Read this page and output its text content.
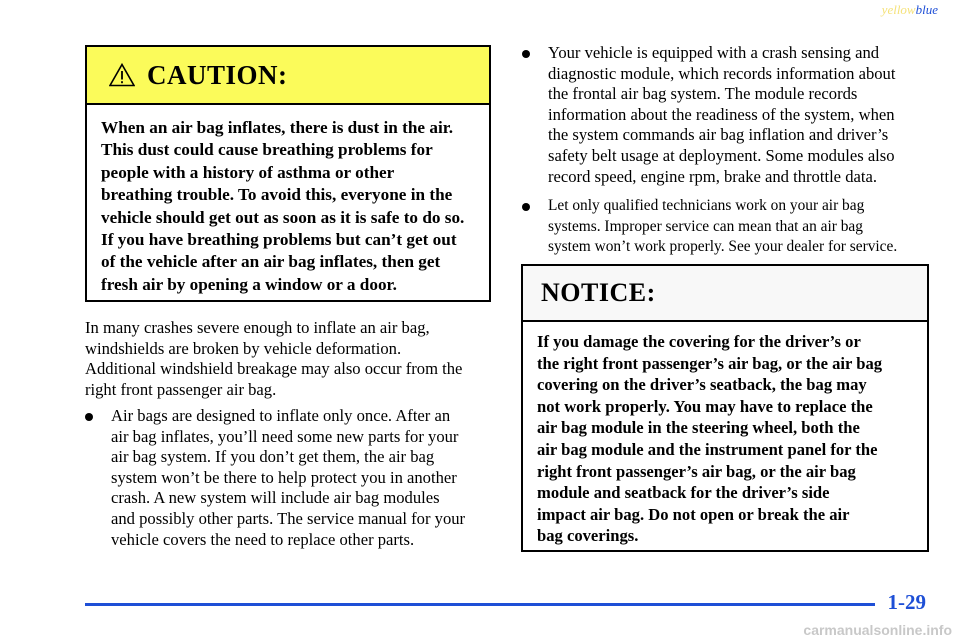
yellowblue
CAUTION:
When an air bag inflates, there is dust in the air.
This dust could cause breathing problems for
people with a history of asthma or other
breathing trouble. To avoid this, everyone in the
vehicle should get out as soon as it is safe to do so.
If you have breathing problems but can’t get out
of the vehicle after an air bag inflates, then get
fresh air by opening a window or a door.
In many crashes severe enough to inflate an air bag,
windshields are broken by vehicle deformation.
Additional windshield breakage may also occur from the
right front passenger air bag.
Air bags are designed to inflate only once. After an
air bag inflates, you’ll need some new parts for your
air bag system. If you don’t get them, the air bag
system won’t be there to help protect you in another
crash. A new system will include air bag modules
and possibly other parts. The service manual for your
vehicle covers the need to replace other parts.
Your vehicle is equipped with a crash sensing and
diagnostic module, which records information about
the frontal air bag system. The module records
information about the readiness of the system, when
the system commands air bag inflation and driver’s
safety belt usage at deployment. Some modules also
record speed, engine rpm, brake and throttle data.
Let only qualified technicians work on your air bag
systems. Improper service can mean that an air bag
system won’t work properly. See your dealer for service.
NOTICE:
If you damage the covering for the driver’s or
the right front passenger’s air bag, or the air bag
covering on the driver’s seatback, the bag may
not work properly. You may have to replace the
air bag module in the steering wheel, both the
air bag module and the instrument panel for the
right front passenger’s air bag, or the air bag
module and seatback for the driver’s side
impact air bag. Do not open or break the air
bag coverings.
1-29
carmanualsonline.info
